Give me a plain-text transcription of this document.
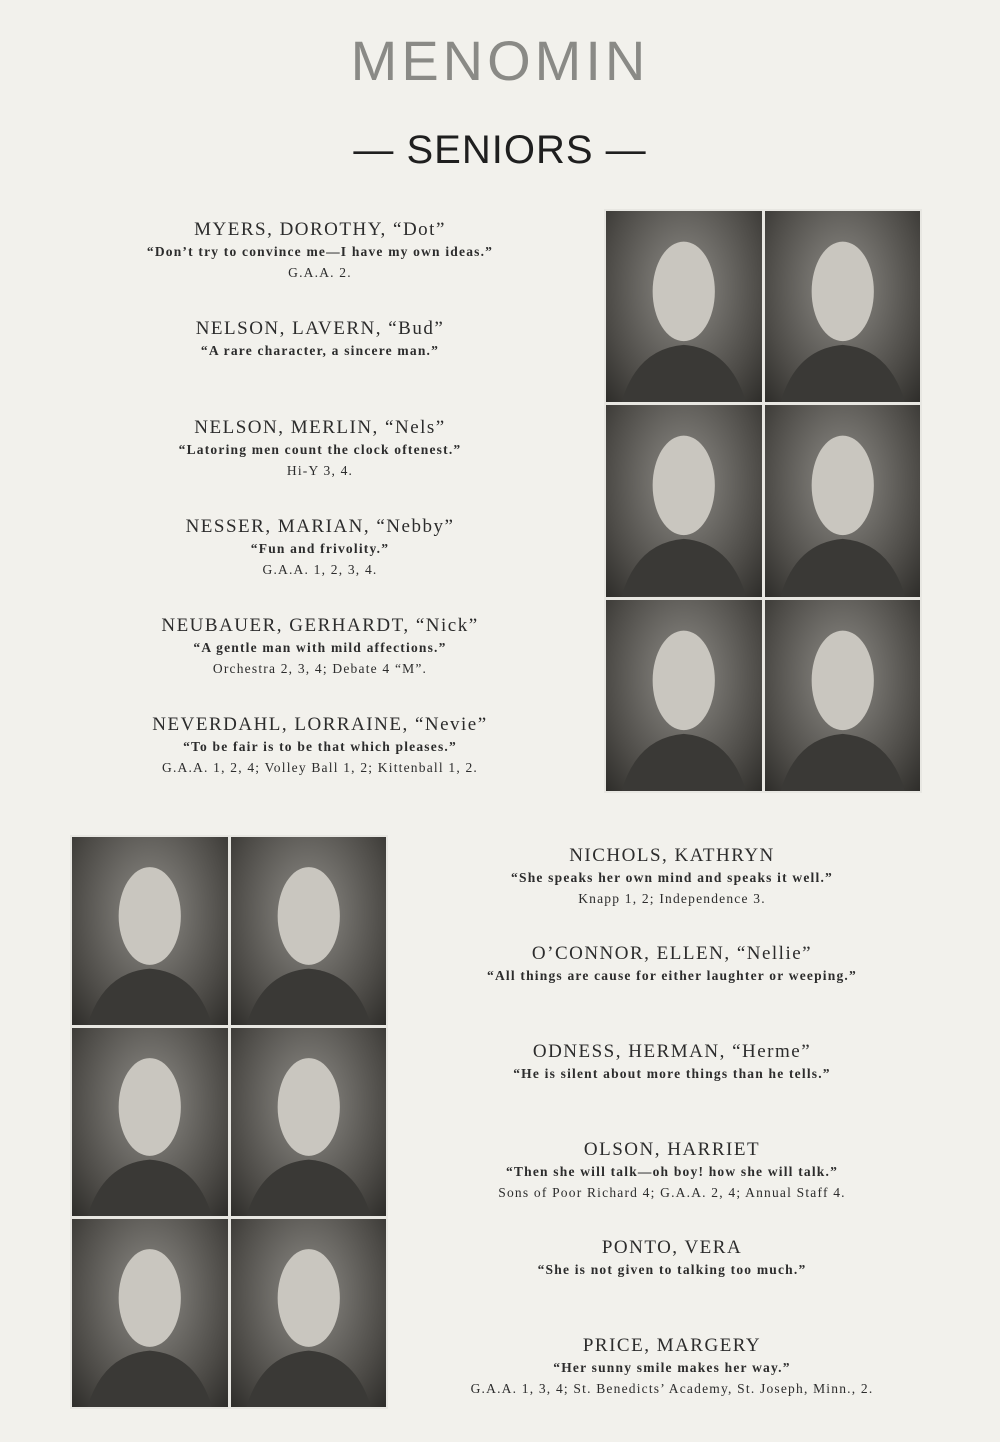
MENOMIN
— SENIORS —
MYERS, DOROTHY, “Dot”
“Don’t try to convince me—I have my own ideas.”
G.A.A. 2.
NELSON, LAVERN, “Bud”
“A rare character, a sincere man.”
NELSON, MERLIN, “Nels”
“Latoring men count the clock oftenest.”
Hi-Y 3, 4.
NESSER, MARIAN, “Nebby”
“Fun and frivolity.”
G.A.A. 1, 2, 3, 4.
NEUBAUER, GERHARDT, “Nick”
“A gentle man with mild affections.”
Orchestra 2, 3, 4; Debate 4 “M”.
NEVERDAHL, LORRAINE, “Nevie”
“To be fair is to be that which pleases.”
G.A.A. 1, 2, 4; Volley Ball 1, 2; Kittenball 1, 2.
NICHOLS, KATHRYN
“She speaks her own mind and speaks it well.”
Knapp 1, 2; Independence 3.
O’CONNOR, ELLEN, “Nellie”
“All things are cause for either laughter or weeping.”
ODNESS, HERMAN, “Herme”
“He is silent about more things than he tells.”
OLSON, HARRIET
“Then she will talk—oh boy! how she will talk.”
Sons of Poor Richard 4; G.A.A. 2, 4; Annual Staff 4.
PONTO, VERA
“She is not given to talking too much.”
PRICE, MARGERY
“Her sunny smile makes her way.”
G.A.A. 1, 3, 4; St. Benedicts’ Academy, St. Joseph, Minn., 2.
